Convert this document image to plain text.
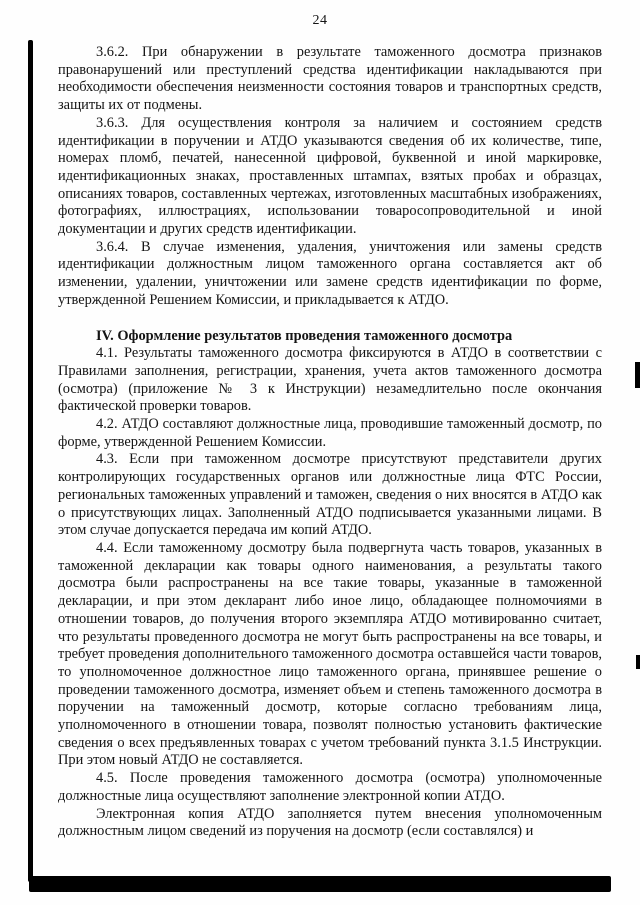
24

3.6.2. При обнаружении в результате таможенного досмотра признаков правонарушений или преступлений средства идентификации накладываются при необходимости обеспечения неизменности состояния товаров и транспортных средств, защиты их от подмены.

3.6.3. Для осуществления контроля за наличием и состоянием средств идентификации в поручении и АТДО указываются сведения об их количестве, типе, номерах пломб, печатей, нанесенной цифровой, буквенной и иной маркировке, идентификационных знаках, проставленных штампах, взятых пробах и образцах, описаниях товаров, составленных чертежах, изготовленных масштабных изображениях, фотографиях, иллюстрациях, использовании товаросопроводительной и иной документации и других средств идентификации.

3.6.4. В случае изменения, удаления, уничтожения или замены средств идентификации должностным лицом таможенного органа составляется акт об изменении, удалении, уничтожении или замене средств идентификации по форме, утвержденной Решением Комиссии, и прикладывается к АТДО.

IV. Оформление результатов проведения таможенного досмотра

4.1. Результаты таможенного досмотра фиксируются в АТДО в соответствии с Правилами заполнения, регистрации, хранения, учета актов таможенного досмотра (осмотра) (приложение № 3 к Инструкции) незамедлительно после окончания фактической проверки товаров.

4.2. АТДО составляют должностные лица, проводившие таможенный досмотр, по форме, утвержденной Решением Комиссии.

4.3. Если при таможенном досмотре присутствуют представители других контролирующих государственных органов или должностные лица ФТС России, региональных таможенных управлений и таможен, сведения о них вносятся в АТДО как о присутствующих лицах. Заполненный АТДО подписывается указанными лицами. В этом случае допускается передача им копий АТДО.

4.4. Если таможенному досмотру была подвергнута часть товаров, указанных в таможенной декларации как товары одного наименования, а результаты такого досмотра были распространены на все такие товары, указанные в таможенной декларации, и при этом декларант либо иное лицо, обладающее полномочиями в отношении товаров, до получения второго экземпляра АТДО мотивированно считает, что результаты проведенного досмотра не могут быть распространены на все товары, и требует проведения дополнительного таможенного досмотра оставшейся части товаров, то уполномоченное должностное лицо таможенного органа, принявшее решение о проведении таможенного досмотра, изменяет объем и степень таможенного досмотра в поручении на таможенный досмотр, которые согласно требованиям лица, уполномоченного в отношении товара, позволят полностью установить фактические сведения о всех предъявленных товарах с учетом требований пункта 3.1.5 Инструкции. При этом новый АТДО не составляется.

4.5. После проведения таможенного досмотра (осмотра) уполномоченные должностные лица осуществляют заполнение электронной копии АТДО.

Электронная копия АТДО заполняется путем внесения уполномоченным должностным лицом сведений из поручения на досмотр (если составлялся) и
